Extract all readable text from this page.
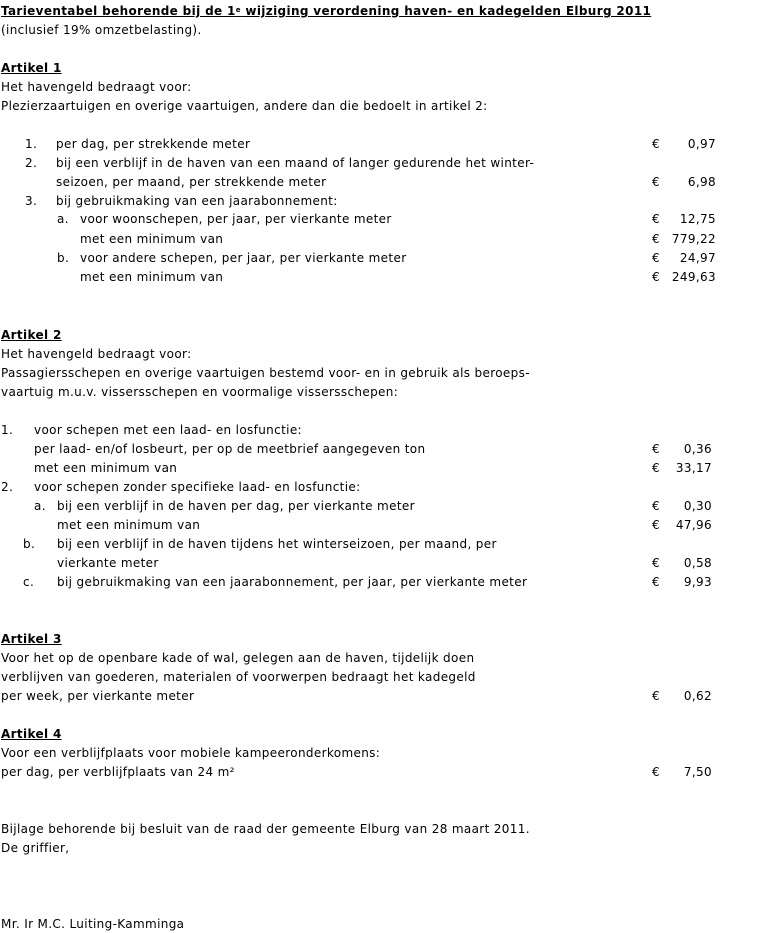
Tarieventabel behorende bij de 1e wijziging verordening haven- en kadegelden Elburg 2011
(inclusief 19% omzetbelasting).
Artikel 1
Het havengeld bedraagt voor:
Plezierzaartuigen en overige vaartuigen, andere dan die bedoelt in artikel 2:
1. per dag, per strekkende meter	€ 0,97
2. bij een verblijf in de haven van een maand of langer gedurende het winter-
seizoen, per maand, per strekkende meter	€ 6,98
3. bij gebruikmaking van een jaarabonnement:
a. voor woonschepen, per jaar, per vierkante meter	€ 12,75
met een minimum van	€ 779,22
b. voor andere schepen, per jaar, per vierkante meter	€ 24,97
met een minimum van	€ 249,63
Artikel 2
Het havengeld bedraagt voor:
Passagiersschepen en overige vaartuigen bestemd voor- en in gebruik als beroeps-
vaartuig m.u.v. vissersschepen en voormalige vissersschepen:
1. voor schepen met een laad- en losfunctie:
per laad- en/of losbeurt, per op de meetbrief aangegeven ton	€ 0,36
met een minimum van	€ 33,17
2. voor schepen zonder specifieke laad- en losfunctie:
a. bij een verblijf in de haven per dag, per vierkante meter	€ 0,30
met een minimum van	€ 47,96
b. bij een verblijf in de haven tijdens het winterseizoen, per maand, per
vierkante meter	€ 0,58
c. bij gebruikmaking van een jaarabonnement, per jaar, per vierkante meter	€ 9,93
Artikel 3
Voor het op de openbare kade of wal, gelegen aan de haven, tijdelijk doen
verblijven van goederen, materialen of voorwerpen bedraagt het kadegeld
per week, per vierkante meter	€ 0,62
Artikel 4
Voor een verblijfplaats voor mobiele kampeeronderkomens:
per dag, per verblijfplaats van 24 m²	€ 7,50
Bijlage behorende bij besluit van de raad der gemeente Elburg van 28 maart 2011.
De griffier,
Mr. Ir M.C. Luiting-Kamminga
